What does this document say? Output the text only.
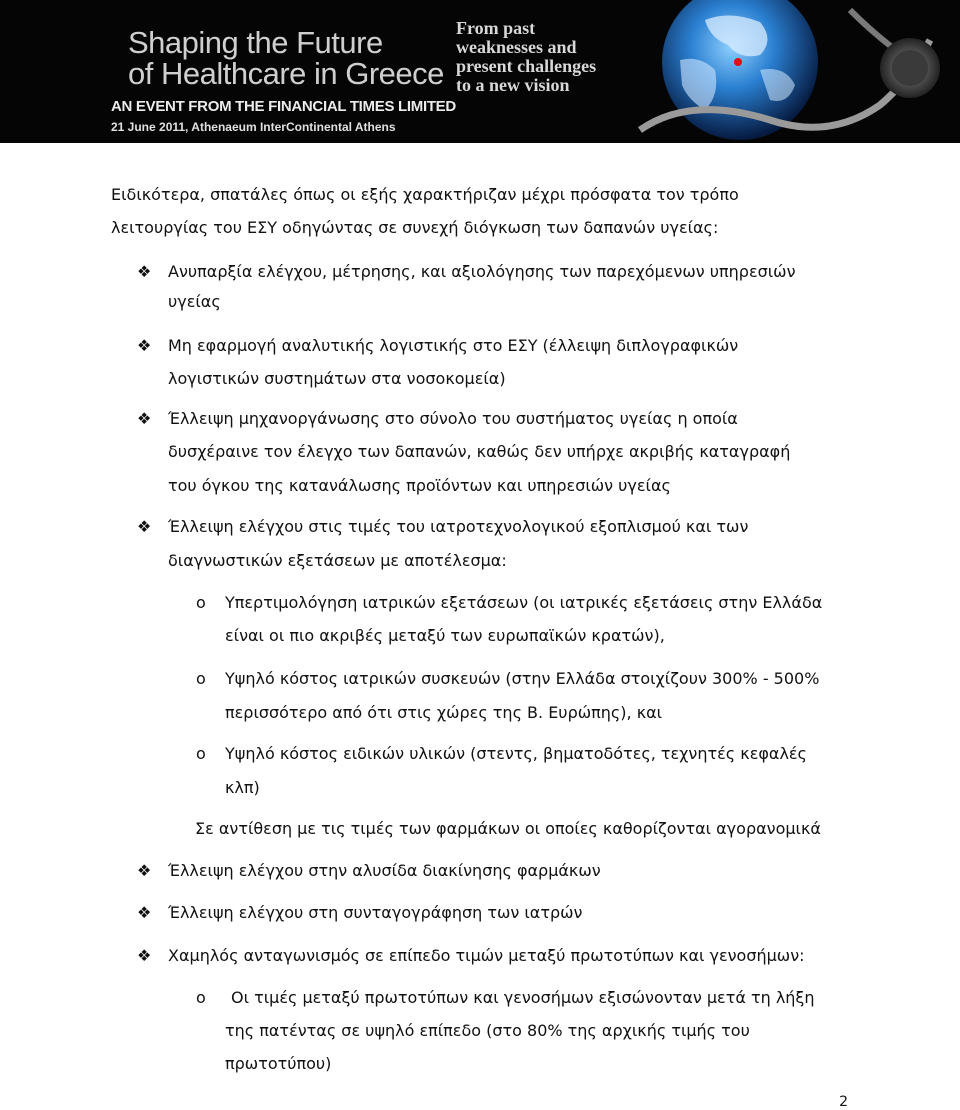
Shaping the Future
of Healthcare in Greece
From past
weaknesses and
present challenges
to a new vision
AN EVENT FROM THE FINANCIAL TIMES LIMITED
21 June 2011, Athenaeum InterContinental Athens

Ειδικότερα, σπατάλες όπως οι εξής χαρακτήριζαν μέχρι πρόσφατα τον τρόπο

λειτουργίας του ΕΣΥ οδηγώντας σε συνεχή διόγκωση των δαπανών υγείας:

❖ Ανυπαρξία ελέγχου, μέτρησης, και αξιολόγησης των παρεχόμενων υπηρεσιών

υγείας

❖ Μη εφαρμογή αναλυτικής λογιστικής στο ΕΣΥ (έλλειψη διπλογραφικών

λογιστικών συστημάτων στα νοσοκομεία)

❖ Έλλειψη μηχανοργάνωσης στο σύνολο του συστήματος υγείας η οποία

δυσχέραινε τον έλεγχο των δαπανών, καθώς δεν υπήρχε ακριβής καταγραφή

του όγκου της κατανάλωσης προϊόντων και υπηρεσιών υγείας

❖ Έλλειψη ελέγχου στις τιμές του ιατροτεχνολογικού εξοπλισμού και των

διαγνωστικών εξετάσεων με αποτέλεσμα:

o Υπερτιμολόγηση ιατρικών εξετάσεων (οι ιατρικές εξετάσεις στην Ελλάδα

είναι οι πιο ακριβές μεταξύ των ευρωπαϊκών κρατών),

o Υψηλό κόστος ιατρικών συσκευών (στην Ελλάδα στοιχίζουν 300% - 500%

περισσότερο από ότι στις χώρες της Β. Ευρώπης), και

o Υψηλό κόστος ειδικών υλικών (στεντς, βηματοδότες, τεχνητές κεφαλές

κλπ)

Σε αντίθεση με τις τιμές των φαρμάκων οι οποίες καθορίζονται αγορανομικά

❖ Έλλειψη ελέγχου στην αλυσίδα διακίνησης φαρμάκων

❖ Έλλειψη ελέγχου στη συνταγογράφηση των ιατρών

❖ Χαμηλός ανταγωνισμός σε επίπεδο τιμών μεταξύ πρωτοτύπων και γενοσήμων:

o Οι τιμές μεταξύ πρωτοτύπων και γενοσήμων εξισώνονταν μετά τη λήξη

της πατέντας σε υψηλό επίπεδο (στο 80% της αρχικής τιμής του

πρωτοτύπου)

2
